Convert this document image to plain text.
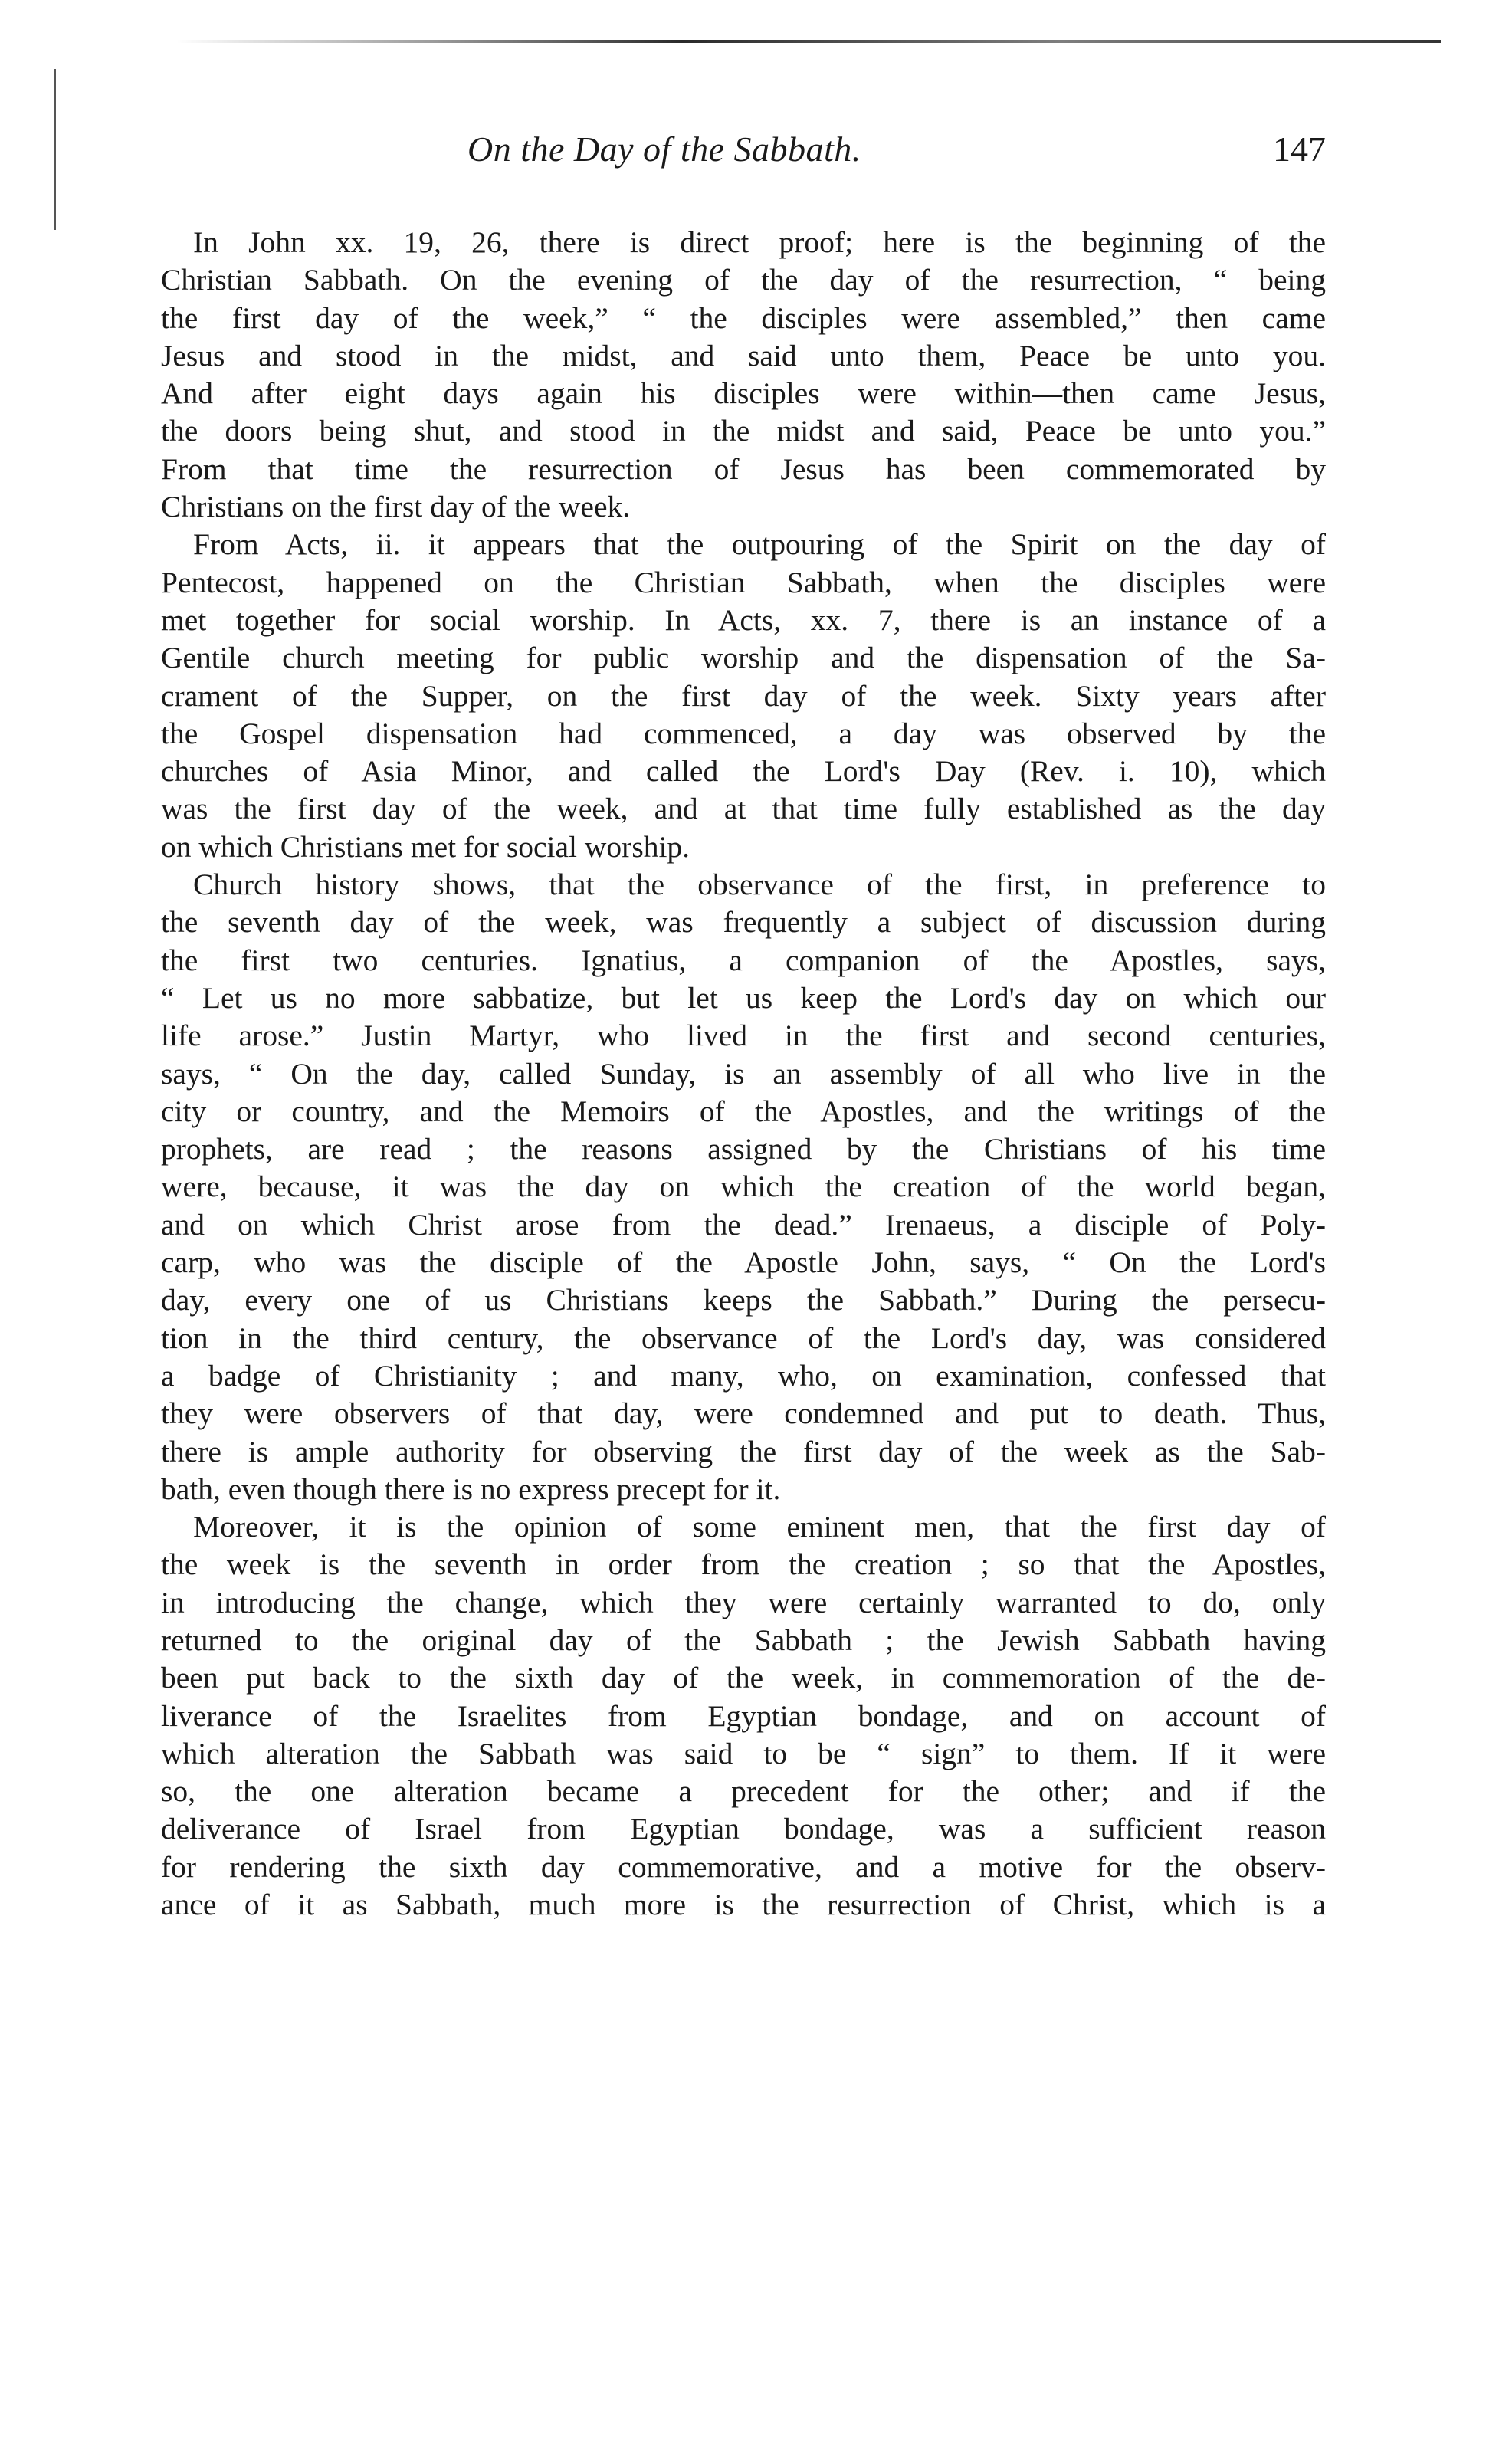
On the Day of the Sabbath.	147
In John xx. 19, 26, there is direct proof; here is the beginning of the
Christian Sabbath. On the evening of the day of the resurrection, “ being
the first day of the week,” “ the disciples were assembled,” then came
Jesus and stood in the midst, and said unto them, Peace be unto you.
And after eight days again his disciples were within—then came Jesus,
the doors being shut, and stood in the midst and said, Peace be unto you.”
From that time the resurrection of Jesus has been commemorated by
Christians on the first day of the week.
From Acts, ii. it appears that the outpouring of the Spirit on the day of
Pentecost, happened on the Christian Sabbath, when the disciples were
met together for social worship. In Acts, xx. 7, there is an instance of a
Gentile church meeting for public worship and the dispensation of the Sa-
crament of the Supper, on the first day of the week. Sixty years after
the Gospel dispensation had commenced, a day was observed by the
churches of Asia Minor, and called the Lord's Day (Rev. i. 10), which
was the first day of the week, and at that time fully established as the day
on which Christians met for social worship.
Church history shows, that the observance of the first, in preference to
the seventh day of the week, was frequently a subject of discussion during
the first two centuries. Ignatius, a companion of the Apostles, says,
“ Let us no more sabbatize, but let us keep the Lord's day on which our
life arose.” Justin Martyr, who lived in the first and second centuries,
says, “ On the day, called Sunday, is an assembly of all who live in the
city or country, and the Memoirs of the Apostles, and the writings of the
prophets, are read ; the reasons assigned by the Christians of his time
were, because, it was the day on which the creation of the world began,
and on which Christ arose from the dead.” Irenaeus, a disciple of Poly-
carp, who was the disciple of the Apostle John, says, “ On the Lord's
day, every one of us Christians keeps the Sabbath.” During the persecu-
tion in the third century, the observance of the Lord's day, was considered
a badge of Christianity ; and many, who, on examination, confessed that
they were observers of that day, were condemned and put to death. Thus,
there is ample authority for observing the first day of the week as the Sab-
bath, even though there is no express precept for it.
Moreover, it is the opinion of some eminent men, that the first day of
the week is the seventh in order from the creation ; so that the Apostles,
in introducing the change, which they were certainly warranted to do, only
returned to the original day of the Sabbath ; the Jewish Sabbath having
been put back to the sixth day of the week, in commemoration of the de-
liverance of the Israelites from Egyptian bondage, and on account of
which alteration the Sabbath was said to be “ sign” to them. If it were
so, the one alteration became a precedent for the other; and if the
deliverance of Israel from Egyptian bondage, was a sufficient reason
for rendering the sixth day commemorative, and a motive for the observ-
ance of it as Sabbath, much more is the resurrection of Christ, which is a
